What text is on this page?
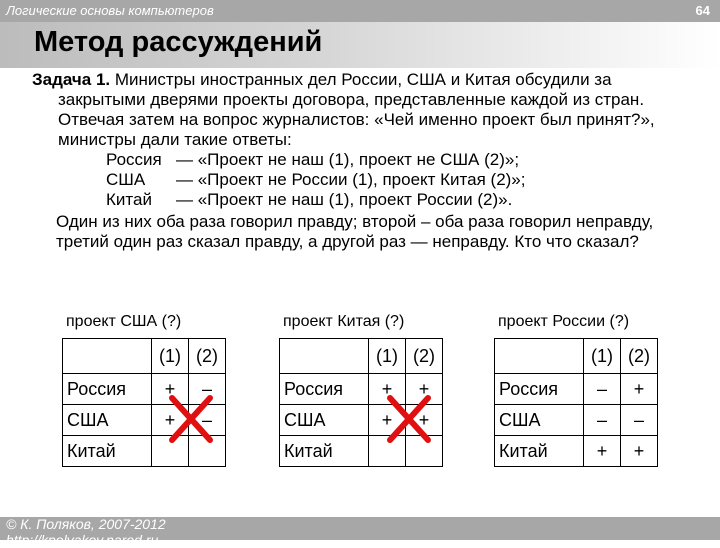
Логические основы компьютеров	64
Метод рассуждений

Задача 1. Министры иностранных дел России, США и Китая обсудили за закрытыми дверями проекты договора, представленные каждой из стран. Отвечая затем на вопрос журналистов: «Чей именно проект был принят?», министры дали такие ответы:

Россия	— «Проект не наш (1), проект не США (2)»;
США	— «Проект не России (1), проект Китая (2)»;
Китай	— «Проект не наш (1), проект России (2)».

Один из них оба раза говорил правду; второй – оба раза говорил неправду, третий один раз сказал правду, а другой раз — неправду. Кто что сказал?

проект США (?)
	(1)	(2)
Россия	+	–
США	+	–
Китай		
проект Китая (?)
	(1)	(2)
Россия	+	+
США	+	+
Китай		
проект России (?)
	(1)	(2)
Россия	–	+
США	–	–
Китай	+	+
© К. Поляков, 2007-2012
http://kpolyakov.narod.ru
